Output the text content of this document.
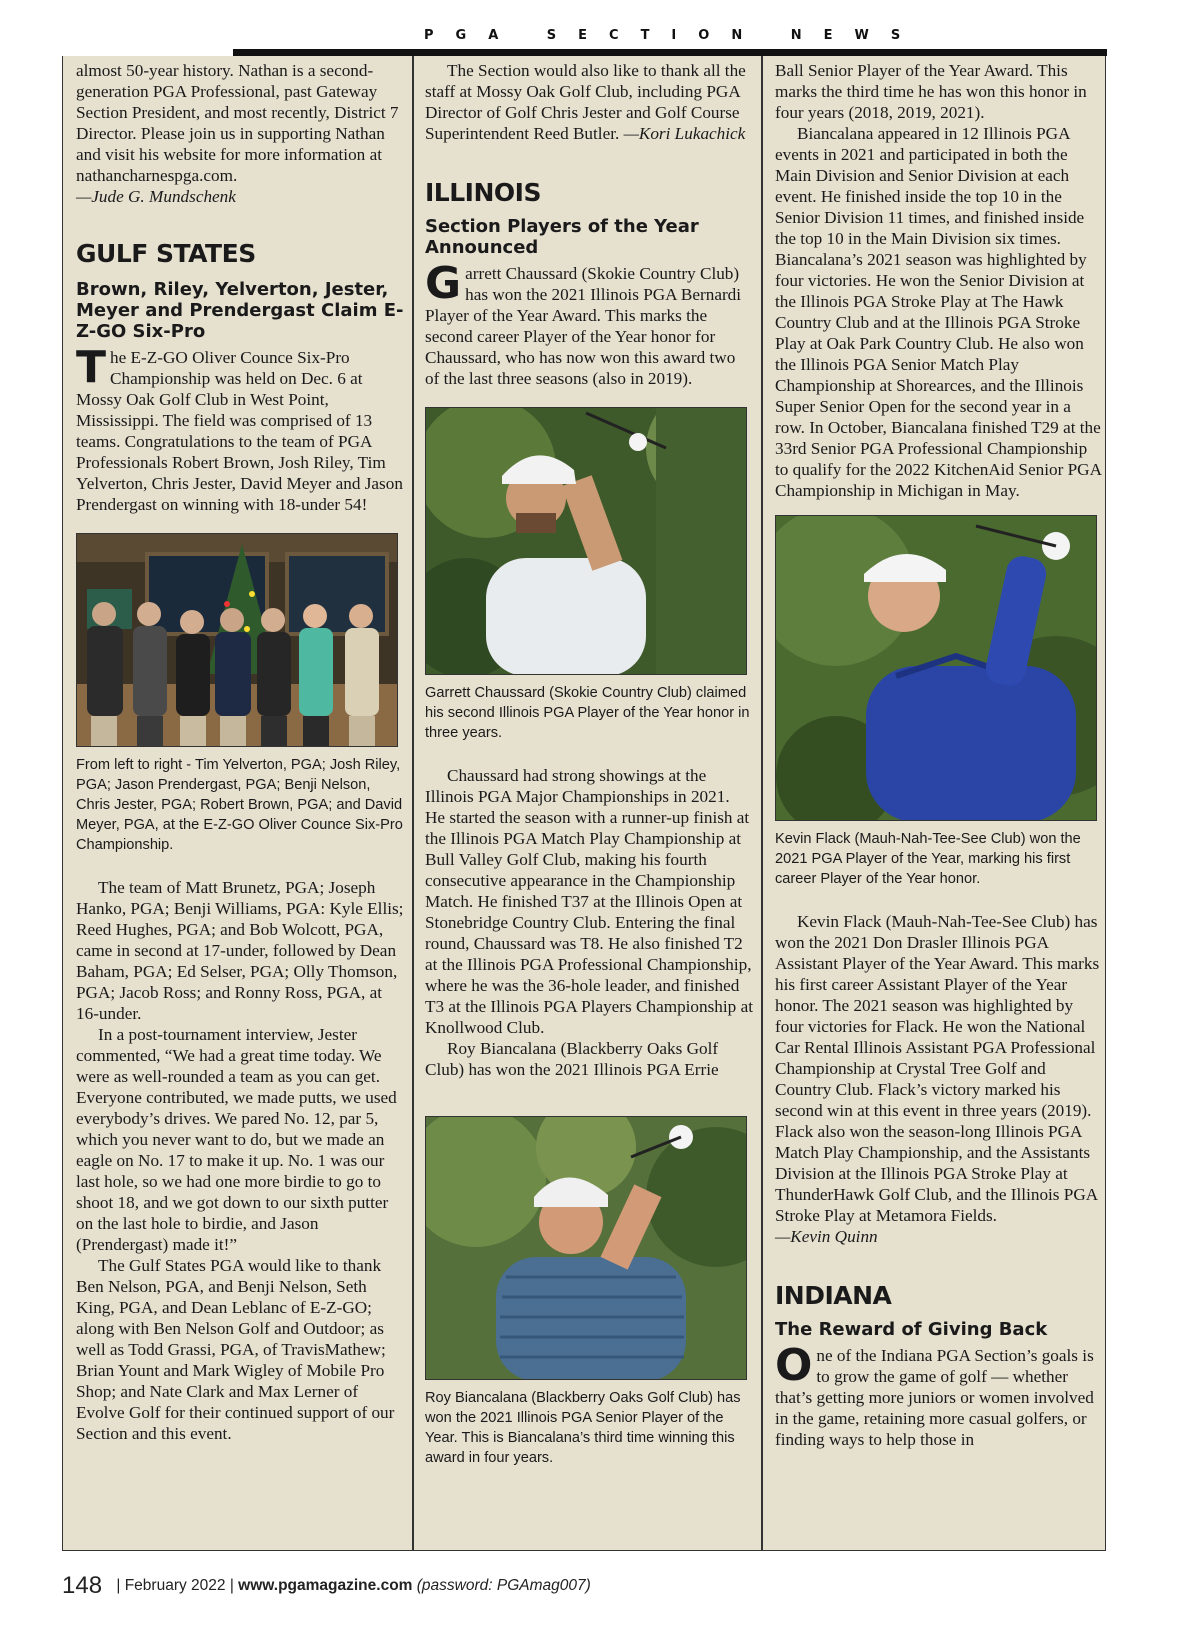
PGA SECTION NEWS

almost 50-year history. Nathan is a second-generation PGA Professional, past Gateway Section President, and most recently, District 7 Director. Please join us in supporting Nathan and visit his website for more information at nathancharnespga.com.

—Jude G. Mundschenk

GULF STATES
Brown, Riley, Yelverton, Jester, Meyer and Prendergast Claim E-Z-GO Six-Pro

The E-Z-GO Oliver Counce Six-Pro Championship was held on Dec. 6 at Mossy Oak Golf Club in West Point, Mississippi. The field was comprised of 13 teams. Congratulations to the team of PGA Professionals Robert Brown, Josh Riley, Tim Yelverton, Chris Jester, David Meyer and Jason Prendergast on winning with 18-under 54!

From left to right - Tim Yelverton, PGA; Josh Riley, PGA; Jason Prendergast, PGA; Benji Nelson, Chris Jester, PGA; Robert Brown, PGA; and David Meyer, PGA, at the E-Z-GO Oliver Counce Six-Pro Championship.

The team of Matt Brunetz, PGA; Joseph Hanko, PGA; Benji Williams, PGA: Kyle Ellis; Reed Hughes, PGA; and Bob Wolcott, PGA, came in second at 17-under, followed by Dean Baham, PGA; Ed Selser, PGA; Olly Thomson, PGA; Jacob Ross; and Ronny Ross, PGA, at 16-under.

In a post-tournament interview, Jester commented, “We had a great time today. We were as well-rounded a team as you can get. Everyone contributed, we made putts, we used everybody’s drives. We pared No. 12, par 5, which you never want to do, but we made an eagle on No. 17 to make it up. No. 1 was our last hole, so we had one more birdie to go to shoot 18, and we got down to our sixth putter on the last hole to birdie, and Jason (Prendergast) made it!”

The Gulf States PGA would like to thank Ben Nelson, PGA, and Benji Nelson, Seth King, PGA, and Dean Leblanc of E-Z-GO; along with Ben Nelson Golf and Outdoor; as well as Todd Grassi, PGA, of TravisMathew; Brian Yount and Mark Wigley of Mobile Pro Shop; and Nate Clark and Max Lerner of Evolve Golf for their continued support of our Section and this event.

The Section would also like to thank all the staff at Mossy Oak Golf Club, including PGA Director of Golf Chris Jester and Golf Course Superintendent Reed Butler. —Kori Lukachick

ILLINOIS
Section Players of the Year Announced

Garrett Chaussard (Skokie Country Club) has won the 2021 Illinois PGA Bernardi Player of the Year Award. This marks the second career Player of the Year honor for Chaussard, who has now won this award two of the last three seasons (also in 2019).

Garrett Chaussard (Skokie Country Club) claimed his second Illinois PGA Player of the Year honor in three years.

Chaussard had strong showings at the Illinois PGA Major Championships in 2021. He started the season with a runner-up finish at the Illinois PGA Match Play Championship at Bull Valley Golf Club, making his fourth consecutive appearance in the Championship Match. He finished T37 at the Illinois Open at Stonebridge Country Club. Entering the final round, Chaussard was T8. He also finished T2 at the Illinois PGA Professional Championship, where he was the 36-hole leader, and finished T3 at the Illinois PGA Players Championship at Knollwood Club.

Roy Biancalana (Blackberry Oaks Golf Club) has won the 2021 Illinois PGA Errie

Roy Biancalana (Blackberry Oaks Golf Club) has won the 2021 Illinois PGA Senior Player of the Year. This is Biancalana’s third time winning this award in four years.

Ball Senior Player of the Year Award. This marks the third time he has won this honor in four years (2018, 2019, 2021).

Biancalana appeared in 12 Illinois PGA events in 2021 and participated in both the Main Division and Senior Division at each event. He finished inside the top 10 in the Senior Division 11 times, and finished inside the top 10 in the Main Division six times. Biancalana’s 2021 season was highlighted by four victories. He won the Senior Division at the Illinois PGA Stroke Play at The Hawk Country Club and at the Illinois PGA Stroke Play at Oak Park Country Club. He also won the Illinois PGA Senior Match Play Championship at Shorearces, and the Illinois Super Senior Open for the second year in a row. In October, Biancalana finished T29 at the 33rd Senior PGA Professional Championship to qualify for the 2022 KitchenAid Senior PGA Championship in Michigan in May.

Kevin Flack (Mauh-Nah-Tee-See Club) won the 2021 PGA Player of the Year, marking his first career Player of the Year honor.

Kevin Flack (Mauh-Nah-Tee-See Club) has won the 2021 Don Drasler Illinois PGA Assistant Player of the Year Award. This marks his first career Assistant Player of the Year honor. The 2021 season was highlighted by four victories for Flack. He won the National Car Rental Illinois Assistant PGA Professional Championship at Crystal Tree Golf and Country Club. Flack’s victory marked his second win at this event in three years (2019). Flack also won the season-long Illinois PGA Match Play Championship, and the Assistants Division at the Illinois PGA Stroke Play at ThunderHawk Golf Club, and the Illinois PGA Stroke Play at Metamora Fields.

—Kevin Quinn

INDIANA
The Reward of Giving Back

One of the Indiana PGA Section’s goals is to grow the game of golf — whether that’s getting more juniors or women involved in the game, retaining more casual golfers, or finding ways to help those in

148 | February 2022 | www.pgamagazine.com (password: PGAmag007)
